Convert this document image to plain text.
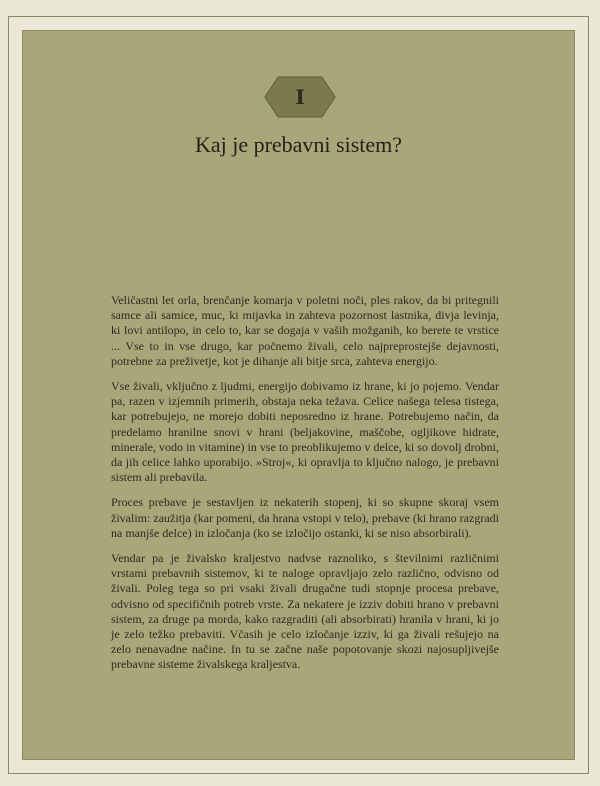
I
Kaj je prebavni sistem?

Veličastni let orla, brenčanje komarja v poletni noči, ples rakov, da bi pritegnili samce ali samice, muc, ki mijavka in zahteva pozornost lastnika, divja levinja, ki lovi antilopo, in celo to, kar se dogaja v vaših možganih, ko berete te vrstice ... Vse to in vse drugo, kar počnemo živali, celo najpreprostejše dejavnosti, potrebne za preživetje, kot je dihanje ali bitje srca, zahteva energijo.

Vse živali, vključno z ljudmi, energijo dobivamo iz hrane, ki jo pojemo. Vendar pa, razen v izjemnih primerih, obstaja neka težava. Celice našega telesa tistega, kar potrebujejo, ne morejo dobiti neposredno iz hrane. Potrebujemo način, da predelamo hranilne snovi v hrani (beljakovine, maščobe, ogljikove hidrate, minerale, vodo in vitamine) in vse to preoblikujemo v delce, ki so dovolj drobni, da jih celice lahko uporabijo. »Stroj«, ki opravlja to ključno nalogo, je prebavni sistem ali prebavila.

Proces prebave je sestavljen iz nekaterih stopenj, ki so skupne skoraj vsem živalim: zaužitja (kar pomeni, da hrana vstopi v telo), prebave (ki hrano razgradi na manjše delce) in izločanja (ko se izločijo ostanki, ki se niso absorbirali).

Vendar pa je živalsko kraljestvo nadvse raznoliko, s številnimi različnimi vrstami prebavnih sistemov, ki te naloge opravljajo zelo različno, odvisno od živali. Poleg tega so pri vsaki živali drugačne tudi stopnje procesa prebave, odvisno od specifičnih potreb vrste. Za nekatere je izziv dobiti hrano v prebavni sistem, za druge pa morda, kako razgraditi (ali absorbirati) hranila v hrani, ki jo je zelo težko prebaviti. Včasih je celo izločanje izziv, ki ga živali rešujejo na zelo nenavadne načine. In tu se začne naše popotovanje skozi najosupljivejše prebavne sisteme živalskega kraljestva.
